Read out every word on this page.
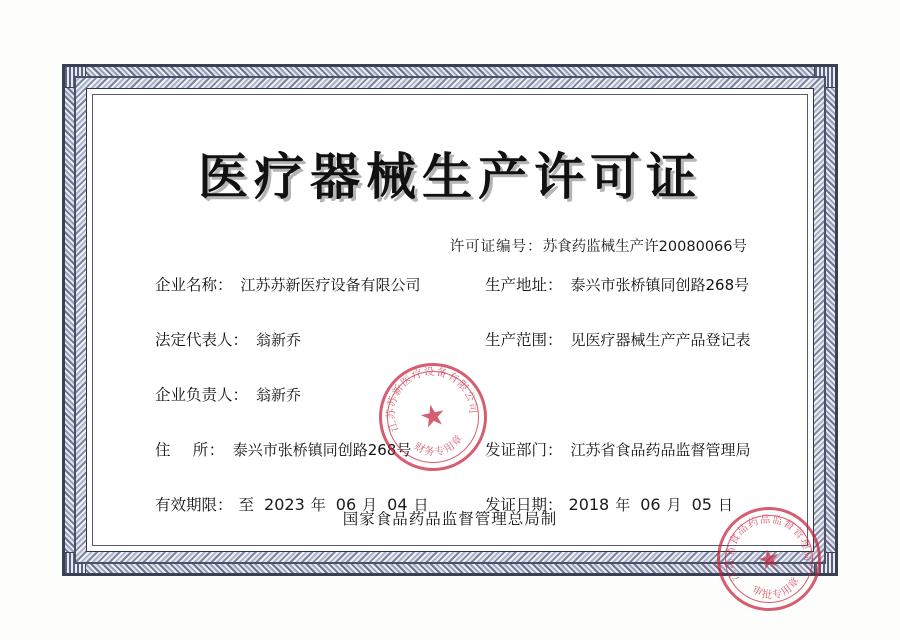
医疗器械生产许可证
许可证编号：苏食药监械生产许20080066号
企业名称： 江苏苏新医疗设备有限公司	生产地址： 泰兴市张桥镇同创路268号
法定代表人： 翁新乔	生产范围： 见医疗器械生产产品登记表
企业负责人： 翁新乔
住    所： 泰兴市张桥镇同创路268号	发证部门： 江苏省食品药品监督管理局
有效期限： 至 2023 年 06 月 04 日	发证日期： 2018 年 06 月 05 日
国家食品药品监督管理总局制
江苏苏新医疗设备有限公司
财务专用章
★
江苏省食品药品监督管理局
审批专用章
★
